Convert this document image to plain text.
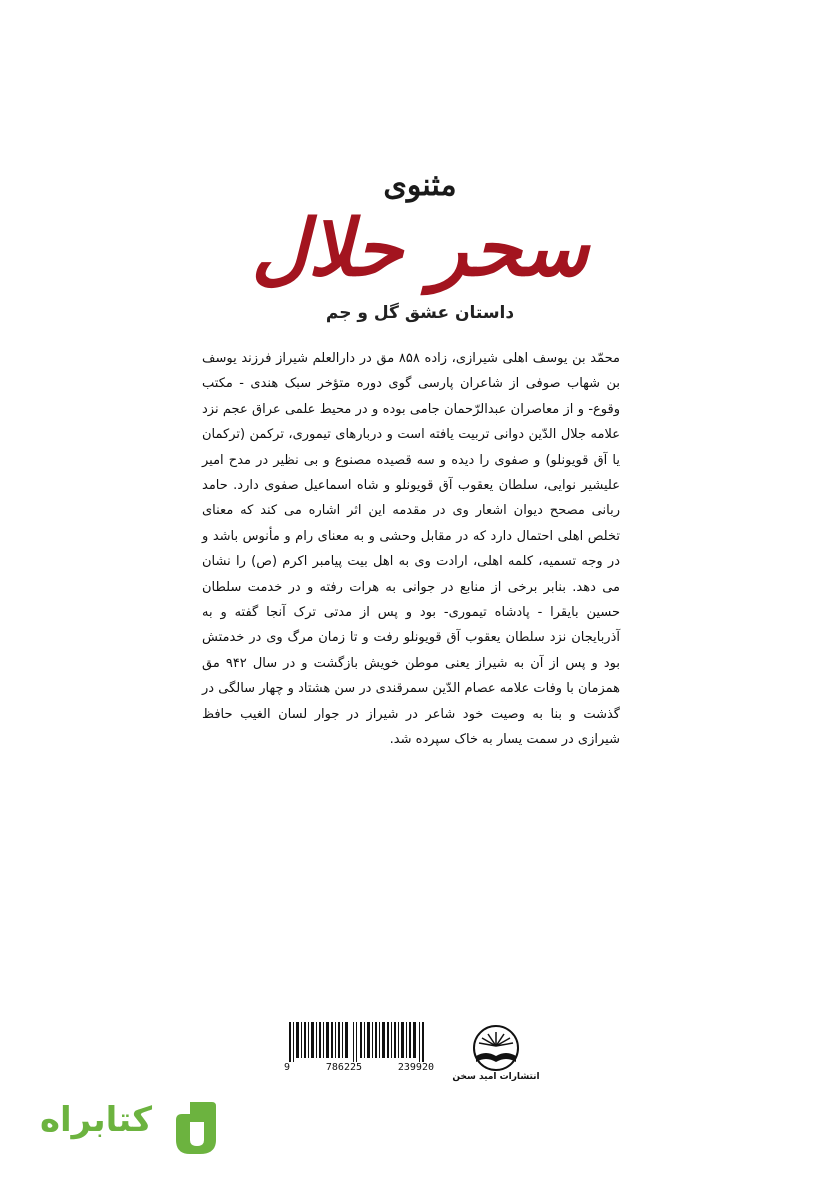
مثنوی
سحر حلال
داستان عشق گل و جم
محمّد بن یوسف اهلی شیرازی، زاده ۸۵۸ مق در دارالعلم شیراز فرزند یوسف بن شهاب صوفی از شاعران پارسی گوی دوره متؤخر سبک هندی - مکتب وقوع- و از معاصران عبدالرّحمان جامی بوده و در محیط علمی عراق عجم نزد علامه جلال الدّین دوانی تربیت یافته است و دربارهای تیموری، ترکمن (ترکمان یا آق قویونلو) و صفوی را دیده و سه قصیده مصنوع و بی نظیر در مدح امیر علیشیر نوایی، سلطان یعقوب آق قویونلو و شاه اسماعیل صفوی دارد. حامد ربانی مصحح دیوان اشعار وی در مقدمه این اثر اشاره می کند که معنای تخلص اهلی احتمال دارد که در مقابل وحشی و به معنای رام و مأنوس باشد و در وجه تسمیه، کلمه اهلی، ارادت وی به اهل بیت پیامبر اکرم (ص) را نشان می دهد. بنابر برخی از منابع در جوانی به هرات رفته و در خدمت سلطان حسین بایقرا - پادشاه تیموری- بود و پس از مدتی ترک آنجا گفته و به آذربایجان نزد سلطان یعقوب آق قویونلو رفت و تا زمان مرگ وی در خدمتش بود و پس از آن به شیراز یعنی موطن خویش بازگشت و در سال ۹۴۲ مق همزمان با وفات علامه عصام الدّین سمرقندی در سن هشتاد و چهار سالگی در گذشت و بنا به وصیت خود شاعر در شیراز در جوار لسان الغیب حافظ شیرازی در سمت یسار به خاک سپرده شد.
9	786225	239920
انتشارات امید سخن
کتابراه
